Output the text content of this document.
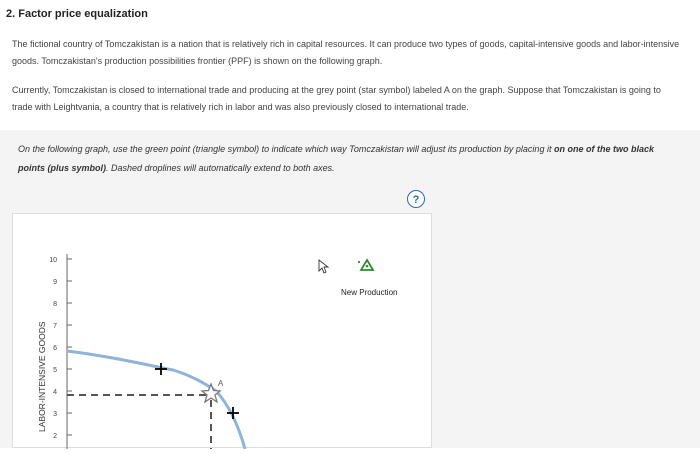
2. Factor price equalization
The fictional country of Tomczakistan is a nation that is relatively rich in capital resources. It can produce two types of goods, capital-intensive goods and labor-intensive goods. Tomczakistan's production possibilities frontier (PPF) is shown on the following graph.
Currently, Tomczakistan is closed to international trade and producing at the grey point (star symbol) labeled A on the graph. Suppose that Tomczakistan is going to trade with Leightvania, a country that is relatively rich in labor and was also previously closed to international trade.
On the following graph, use the green point (triangle symbol) to indicate which way Tomczakistan will adjust its production by placing it on one of the two black points (plus symbol). Dashed droplines will automatically extend to both axes.
?
LABOR-INTENSIVE GOODS
10
9
8
7
6
5
4
3
2
A
New Production
